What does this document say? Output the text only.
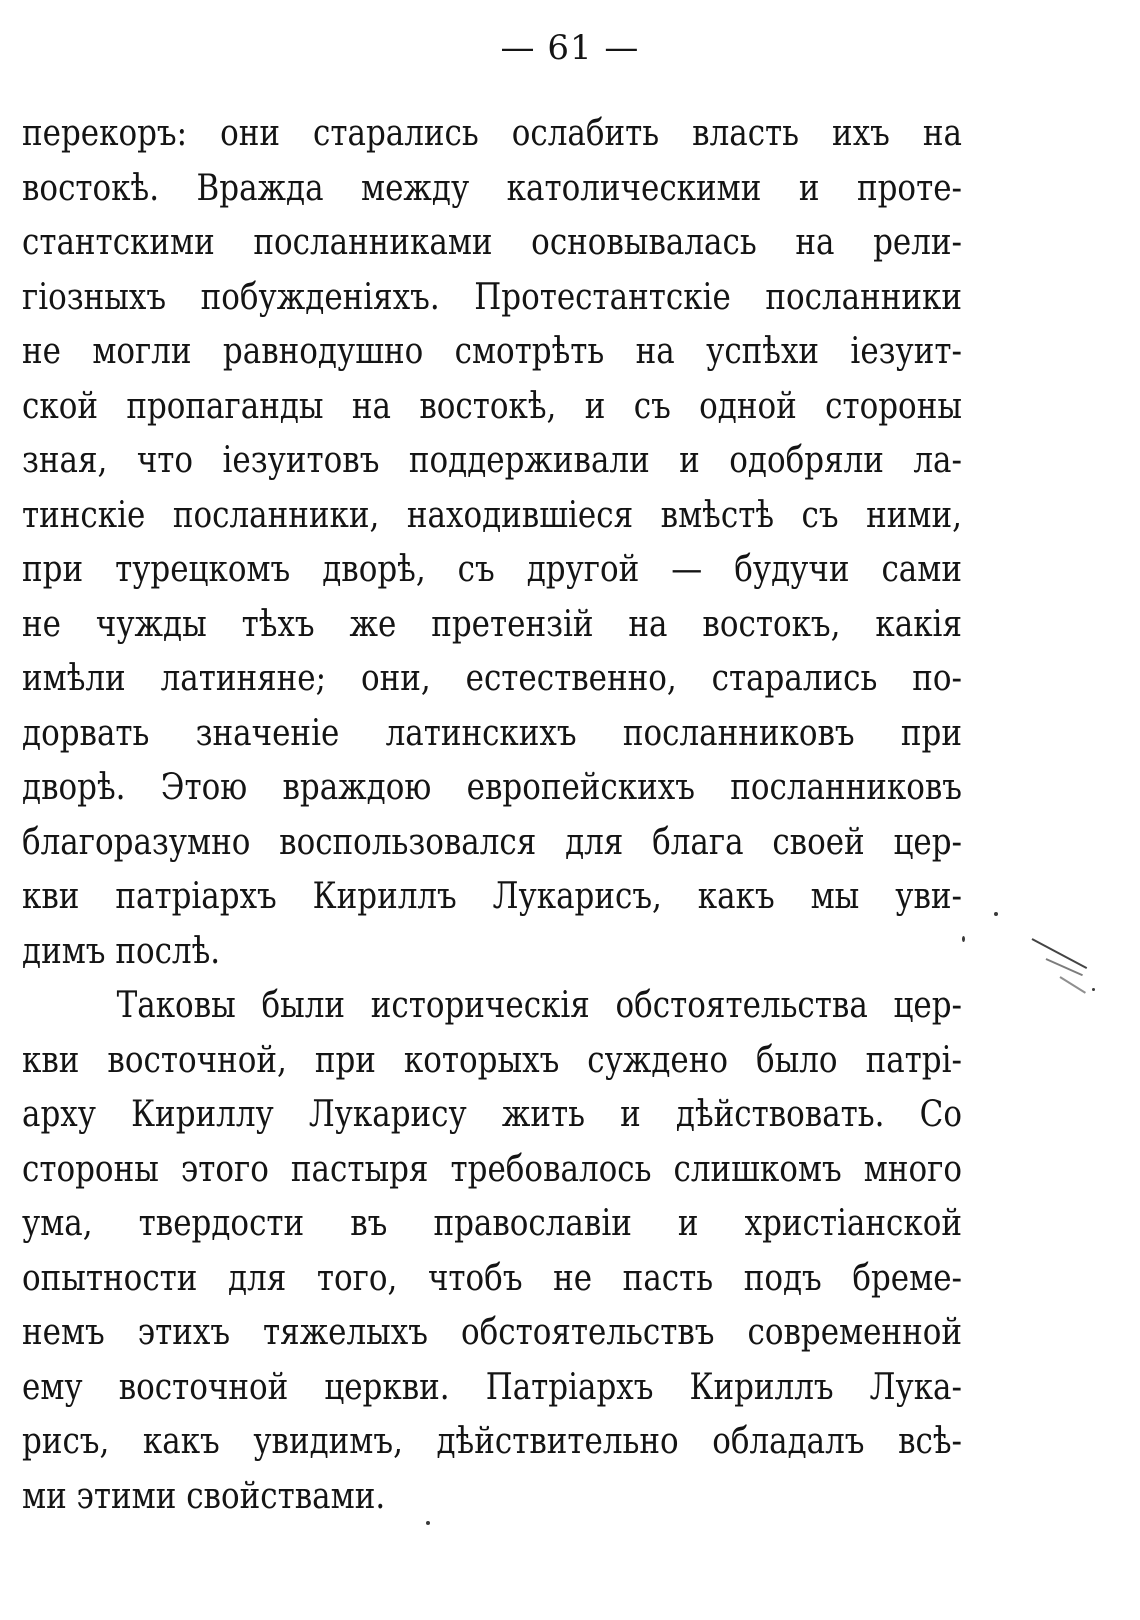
— 61 —
перекоръ: они старались ослабить власть ихъ на
востокѣ. Вражда между католическими и проте-
стантскими посланниками основывалась на рели-
гіозныхъ побужденіяхъ. Протестантскіе посланники
не могли равнодушно смотрѣть на успѣхи іезуит-
ской пропаганды на востокѣ, и съ одной стороны
зная, что іезуитовъ поддерживали и одобряли ла-
тинскіе посланники, находившіеся вмѣстѣ съ ними,
при турецкомъ дворѣ, съ другой — будучи сами
не чужды тѣхъ же претензій на востокъ, какія
имѣли латиняне; они, естественно, старались по-
дорвать значеніе латинскихъ посланниковъ при
дворѣ. Этою враждою европейскихъ посланниковъ
благоразумно воспользовался для блага своей цер-
кви патріархъ Кириллъ Лукарисъ, какъ мы уви-
димъ послѣ.
Таковы были историческія обстоятельства цер-
кви восточной, при которыхъ суждено было патрі-
арху Кириллу Лукарису жить и дѣйствовать. Со
стороны этого пастыря требовалось слишкомъ много
ума, твердости въ православіи и христіанской
опытности для того, чтобъ не пасть подъ бреме-
немъ этихъ тяжелыхъ обстоятельствъ современной
ему восточной церкви. Патріархъ Кириллъ Лука-
рисъ, какъ увидимъ, дѣйствительно обладалъ всѣ-
ми этими свойствами.
